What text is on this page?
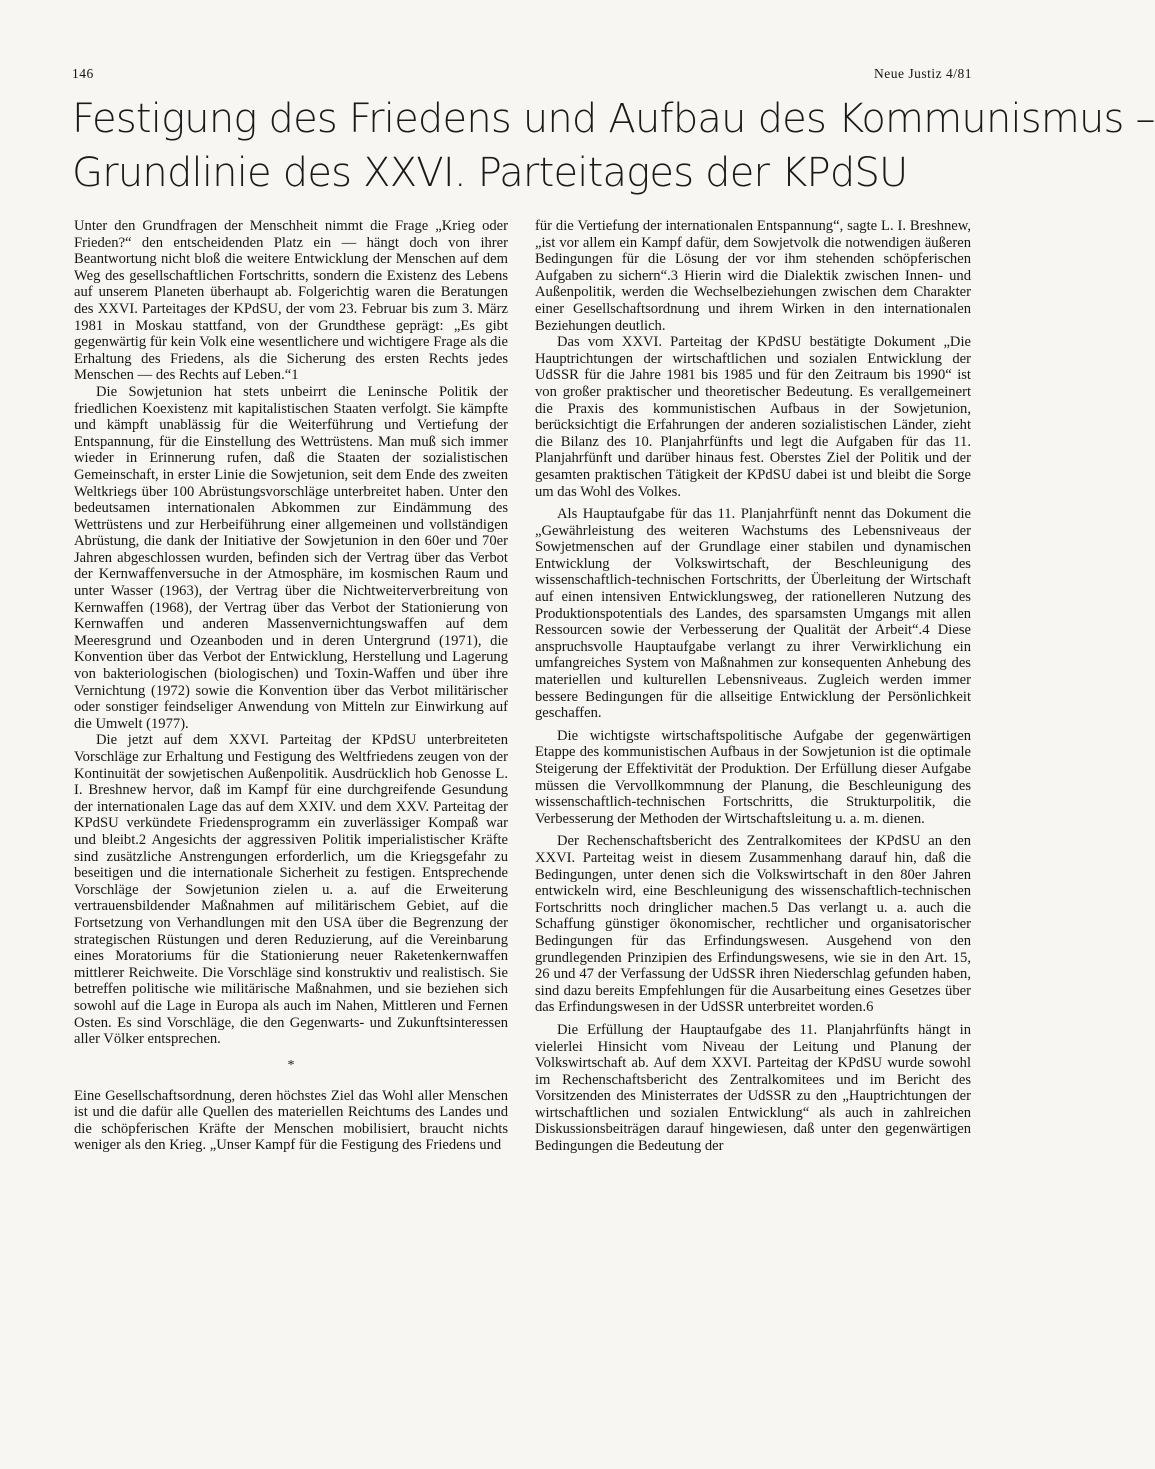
146	Neue Justiz 4/81
Festigung des Friedens und Aufbau des Kommunismus –
Grundlinie des XXVI. Parteitages der KPdSU

Unter den Grundfragen der Menschheit nimmt die Frage „Krieg oder Frieden?“ den entscheidenden Platz ein — hängt doch von ihrer Beantwortung nicht bloß die weitere Entwicklung der Menschen auf dem Weg des gesellschaftlichen Fortschritts, sondern die Existenz des Lebens auf unserem Planeten überhaupt ab. Folgerichtig waren die Beratungen des XXVI. Parteitages der KPdSU, der vom 23. Februar bis zum 3. März 1981 in Moskau stattfand, von der Grundthese geprägt: „Es gibt gegenwärtig für kein Volk eine wesentlichere und wichtigere Frage als die Erhaltung des Friedens, als die Sicherung des ersten Rechts jedes Menschen — des Rechts auf Leben.“1

Die Sowjetunion hat stets unbeirrt die Leninsche Politik der friedlichen Koexistenz mit kapitalistischen Staaten verfolgt. Sie kämpfte und kämpft unablässig für die Weiterführung und Vertiefung der Entspannung, für die Einstellung des Wettrüstens. Man muß sich immer wieder in Erinnerung rufen, daß die Staaten der sozialistischen Gemeinschaft, in erster Linie die Sowjetunion, seit dem Ende des zweiten Weltkriegs über 100 Abrüstungsvorschläge unterbreitet haben. Unter den bedeutsamen internationalen Abkommen zur Eindämmung des Wettrüstens und zur Herbeiführung einer allgemeinen und vollständigen Abrüstung, die dank der Initiative der Sowjetunion in den 60er und 70er Jahren abgeschlossen wurden, befinden sich der Vertrag über das Verbot der Kernwaffenversuche in der Atmosphäre, im kosmischen Raum und unter Wasser (1963), der Vertrag über die Nichtweiterverbreitung von Kernwaffen (1968), der Vertrag über das Verbot der Stationierung von Kernwaffen und anderen Massenvernichtungswaffen auf dem Meeresgrund und Ozeanboden und in deren Untergrund (1971), die Konvention über das Verbot der Entwicklung, Herstellung und Lagerung von bakteriologischen (biologischen) und Toxin-Waffen und über ihre Vernichtung (1972) sowie die Konvention über das Verbot militärischer oder sonstiger feindseliger Anwendung von Mitteln zur Einwirkung auf die Umwelt (1977).

Die jetzt auf dem XXVI. Parteitag der KPdSU unterbreiteten Vorschläge zur Erhaltung und Festigung des Weltfriedens zeugen von der Kontinuität der sowjetischen Außenpolitik. Ausdrücklich hob Genosse L. I. Breshnew hervor, daß im Kampf für eine durchgreifende Gesundung der internationalen Lage das auf dem XXIV. und dem XXV. Parteitag der KPdSU verkündete Friedensprogramm ein zuverlässiger Kompaß war und bleibt.2 Angesichts der aggressiven Politik imperialistischer Kräfte sind zusätzliche Anstrengungen erforderlich, um die Kriegsgefahr zu beseitigen und die internationale Sicherheit zu festigen. Entsprechende Vorschläge der Sowjetunion zielen u. a. auf die Erweiterung vertrauensbildender Maßnahmen auf militärischem Gebiet, auf die Fortsetzung von Verhandlungen mit den USA über die Begrenzung der strategischen Rüstungen und deren Reduzierung, auf die Vereinbarung eines Moratoriums für die Stationierung neuer Raketenkernwaffen mittlerer Reichweite. Die Vorschläge sind konstruktiv und realistisch. Sie betreffen politische wie militärische Maßnahmen, und sie beziehen sich sowohl auf die Lage in Europa als auch im Nahen, Mittleren und Fernen Osten. Es sind Vorschläge, die den Gegenwarts- und Zukunftsinteressen aller Völker entsprechen.

*

Eine Gesellschaftsordnung, deren höchstes Ziel das Wohl aller Menschen ist und die dafür alle Quellen des materiellen Reichtums des Landes und die schöpferischen Kräfte der Menschen mobilisiert, braucht nichts weniger als den Krieg. „Unser Kampf für die Festigung des Friedens und

für die Vertiefung der internationalen Entspannung“, sagte L. I. Breshnew, „ist vor allem ein Kampf dafür, dem Sowjetvolk die notwendigen äußeren Bedingungen für die Lösung der vor ihm stehenden schöpferischen Aufgaben zu sichern“.3 Hierin wird die Dialektik zwischen Innen- und Außenpolitik, werden die Wechselbeziehungen zwischen dem Charakter einer Gesellschaftsordnung und ihrem Wirken in den internationalen Beziehungen deutlich.

Das vom XXVI. Parteitag der KPdSU bestätigte Dokument „Die Hauptrichtungen der wirtschaftlichen und sozialen Entwicklung der UdSSR für die Jahre 1981 bis 1985 und für den Zeitraum bis 1990“ ist von großer praktischer und theoretischer Bedeutung. Es verallgemeinert die Praxis des kommunistischen Aufbaus in der Sowjetunion, berücksichtigt die Erfahrungen der anderen sozialistischen Länder, zieht die Bilanz des 10. Planjahrfünfts und legt die Aufgaben für das 11. Planjahrfünft und darüber hinaus fest. Oberstes Ziel der Politik und der gesamten praktischen Tätigkeit der KPdSU dabei ist und bleibt die Sorge um das Wohl des Volkes.

Als Hauptaufgabe für das 11. Planjahrfünft nennt das Dokument die „Gewährleistung des weiteren Wachstums des Lebensniveaus der Sowjetmenschen auf der Grundlage einer stabilen und dynamischen Entwicklung der Volkswirtschaft, der Beschleunigung des wissenschaftlich-technischen Fortschritts, der Überleitung der Wirtschaft auf einen intensiven Entwicklungsweg, der rationelleren Nutzung des Produktionspotentials des Landes, des sparsamsten Umgangs mit allen Ressourcen sowie der Verbesserung der Qualität der Arbeit“.4 Diese anspruchsvolle Hauptaufgabe verlangt zu ihrer Verwirklichung ein umfangreiches System von Maßnahmen zur konsequenten Anhebung des materiellen und kulturellen Lebensniveaus. Zugleich werden immer bessere Bedingungen für die allseitige Entwicklung der Persönlichkeit geschaffen.

Die wichtigste wirtschaftspolitische Aufgabe der gegenwärtigen Etappe des kommunistischen Aufbaus in der Sowjetunion ist die optimale Steigerung der Effektivität der Produktion. Der Erfüllung dieser Aufgabe müssen die Vervollkommnung der Planung, die Beschleunigung des wissenschaftlich-technischen Fortschritts, die Strukturpolitik, die Verbesserung der Methoden der Wirtschaftsleitung u. a. m. dienen.

Der Rechenschaftsbericht des Zentralkomitees der KPdSU an den XXVI. Parteitag weist in diesem Zusammenhang darauf hin, daß die Bedingungen, unter denen sich die Volkswirtschaft in den 80er Jahren entwickeln wird, eine Beschleunigung des wissenschaftlich-technischen Fortschritts noch dringlicher machen.5 Das verlangt u. a. auch die Schaffung günstiger ökonomischer, rechtlicher und organisatorischer Bedingungen für das Erfindungswesen. Ausgehend von den grundlegenden Prinzipien des Erfindungswesens, wie sie in den Art. 15, 26 und 47 der Verfassung der UdSSR ihren Niederschlag gefunden haben, sind dazu bereits Empfehlungen für die Ausarbeitung eines Gesetzes über das Erfindungswesen in der UdSSR unterbreitet worden.6

Die Erfüllung der Hauptaufgabe des 11. Planjahrfünfts hängt in vielerlei Hinsicht vom Niveau der Leitung und Planung der Volkswirtschaft ab. Auf dem XXVI. Parteitag der KPdSU wurde sowohl im Rechenschaftsbericht des Zentralkomitees und im Bericht des Vorsitzenden des Ministerrates der UdSSR zu den „Hauptrichtungen der wirtschaftlichen und sozialen Entwicklung“ als auch in zahlreichen Diskussionsbeiträgen darauf hingewiesen, daß unter den gegenwärtigen Bedingungen die Bedeutung der
